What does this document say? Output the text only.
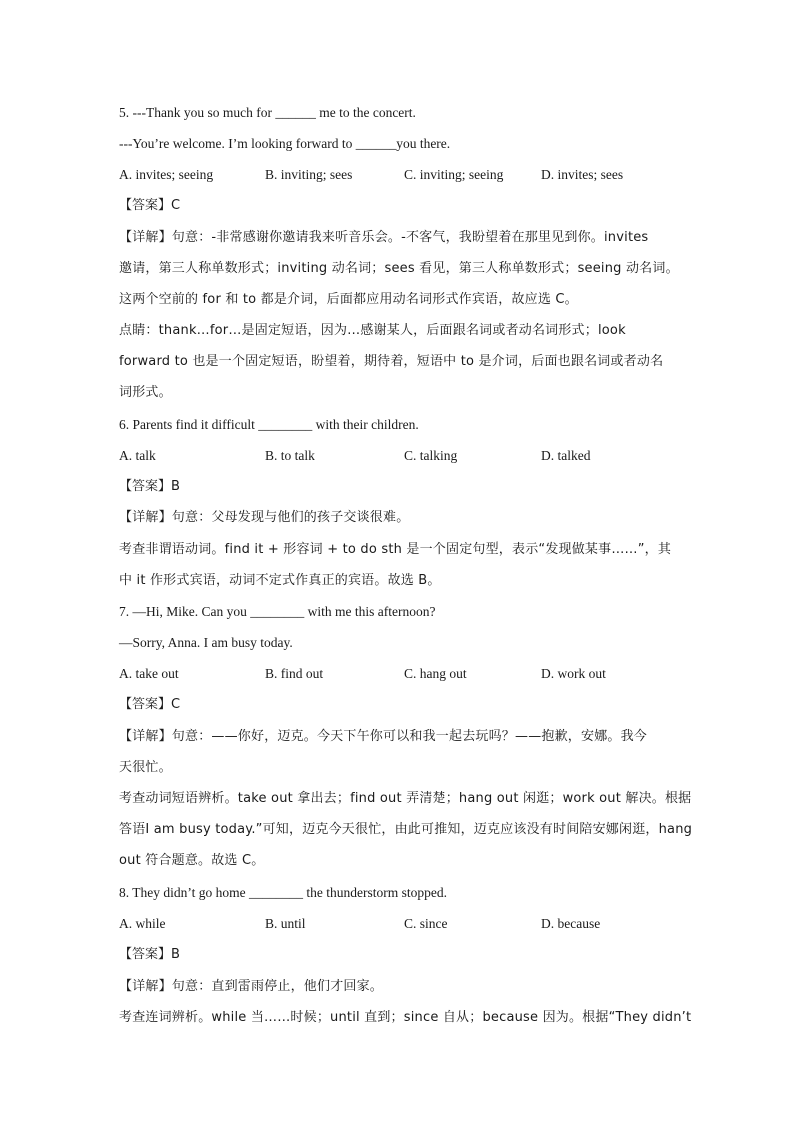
5. ---Thank you so much for ______ me to the concert.
---You’re welcome. I’m looking forward to ______you there.
A. invites; seeing	B. inviting; sees	C. inviting; seeing	D. invites; sees
【答案】C
【详解】句意：-非常感谢你邀请我来听音乐会。-不客气，我盼望着在那里见到你。invites
邀请，第三人称单数形式；inviting 动名词；sees 看见，第三人称单数形式；seeing 动名词。
这两个空前的 for 和 to 都是介词，后面都应用动名词形式作宾语，故应选 C。
点睛：thank…for…是固定短语，因为…感谢某人，后面跟名词或者动名词形式；look
forward to 也是一个固定短语，盼望着，期待着，短语中 to 是介词，后面也跟名词或者动名
词形式。
6. Parents find it difficult ________ with their children.
A. talk	B. to talk	C. talking	D. talked
【答案】B
【详解】句意：父母发现与他们的孩子交谈很难。
考查非谓语动词。find it + 形容词 + to do sth 是一个固定句型，表示“发现做某事……”，其
中 it 作形式宾语，动词不定式作真正的宾语。故选 B。
7. —Hi, Mike. Can you ________ with me this afternoon?
—Sorry, Anna. I am busy today.
A. take out	B. find out	C. hang out	D. work out
【答案】C
【详解】句意：——你好，迈克。今天下午你可以和我一起去玩吗？——抱歉，安娜。我今
天很忙。
考查动词短语辨析。take out 拿出去；find out 弄清楚；hang out 闲逛；work out 解决。根据
答语I am busy today.”可知，迈克今天很忙，由此可推知，迈克应该没有时间陪安娜闲逛，hang
out 符合题意。故选 C。
8. They didn’t go home ________ the thunderstorm stopped.
A. while	B. until	C. since	D. because
【答案】B
【详解】句意：直到雷雨停止，他们才回家。
考查连词辨析。while 当……时候；until 直到；since 自从；because 因为。根据“They didn’t
